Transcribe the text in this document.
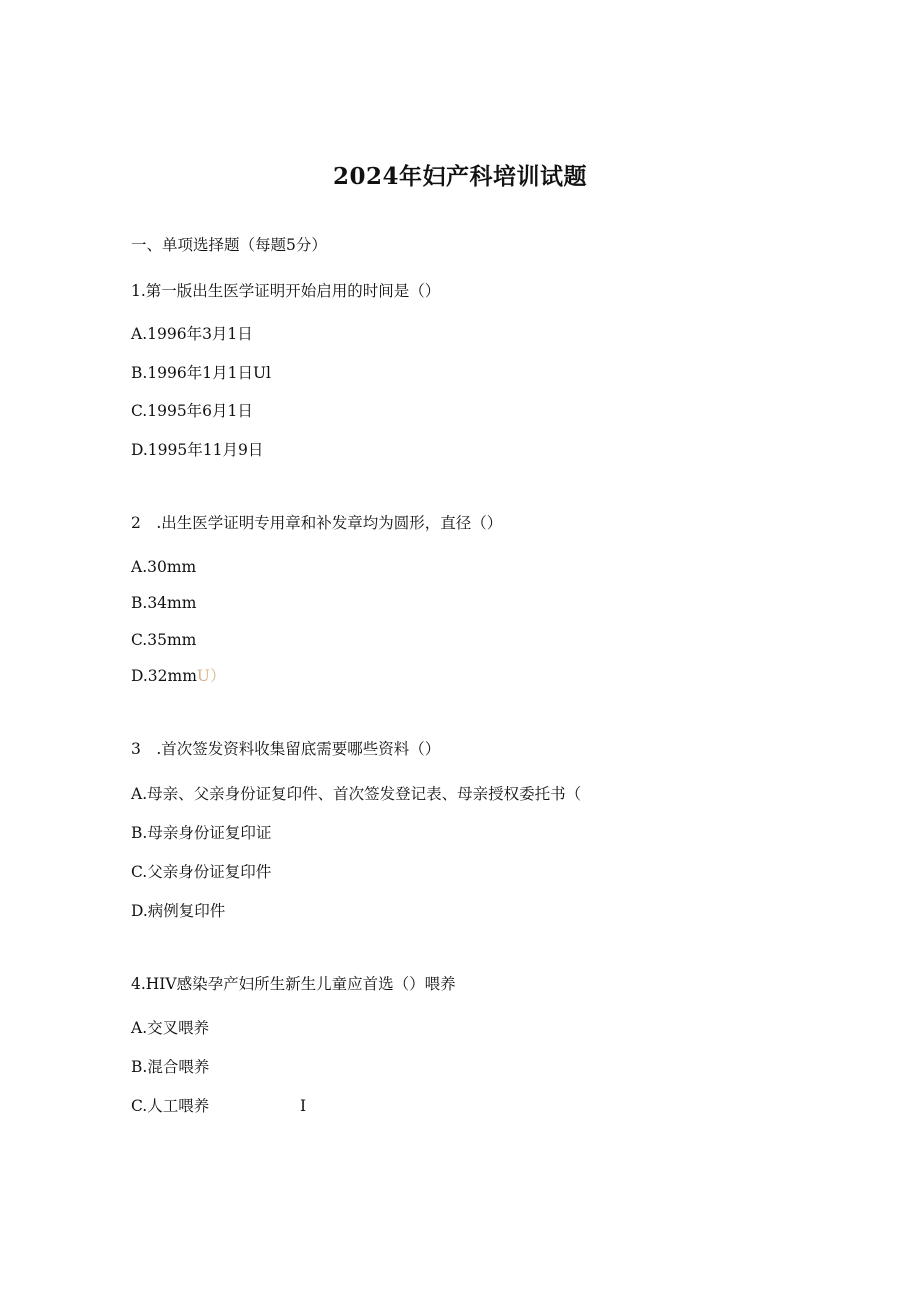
2024年妇产科培训试题
一、单项选择题（每题5分）
1.第一版出生医学证明开始启用的时间是（）
A.1996年3月1日
B.1996年1月1日Ul
C.1995年6月1日
D.1995年11月9日
2　.出生医学证明专用章和补发章均为圆形，直径（）
A.30mm
B.34mm
C.35mm
D.32mmU）
3　.首次签发资料收集留底需要哪些资料（）
A.母亲、父亲身份证复印件、首次签发登记表、母亲授权委托书（
B.母亲身份证复印证
C.父亲身份证复印件
D.病例复印件
4.HIV感染孕产妇所生新生儿童应首选（）喂养
A.交叉喂养
B.混合喂养
C.人工喂养	I
